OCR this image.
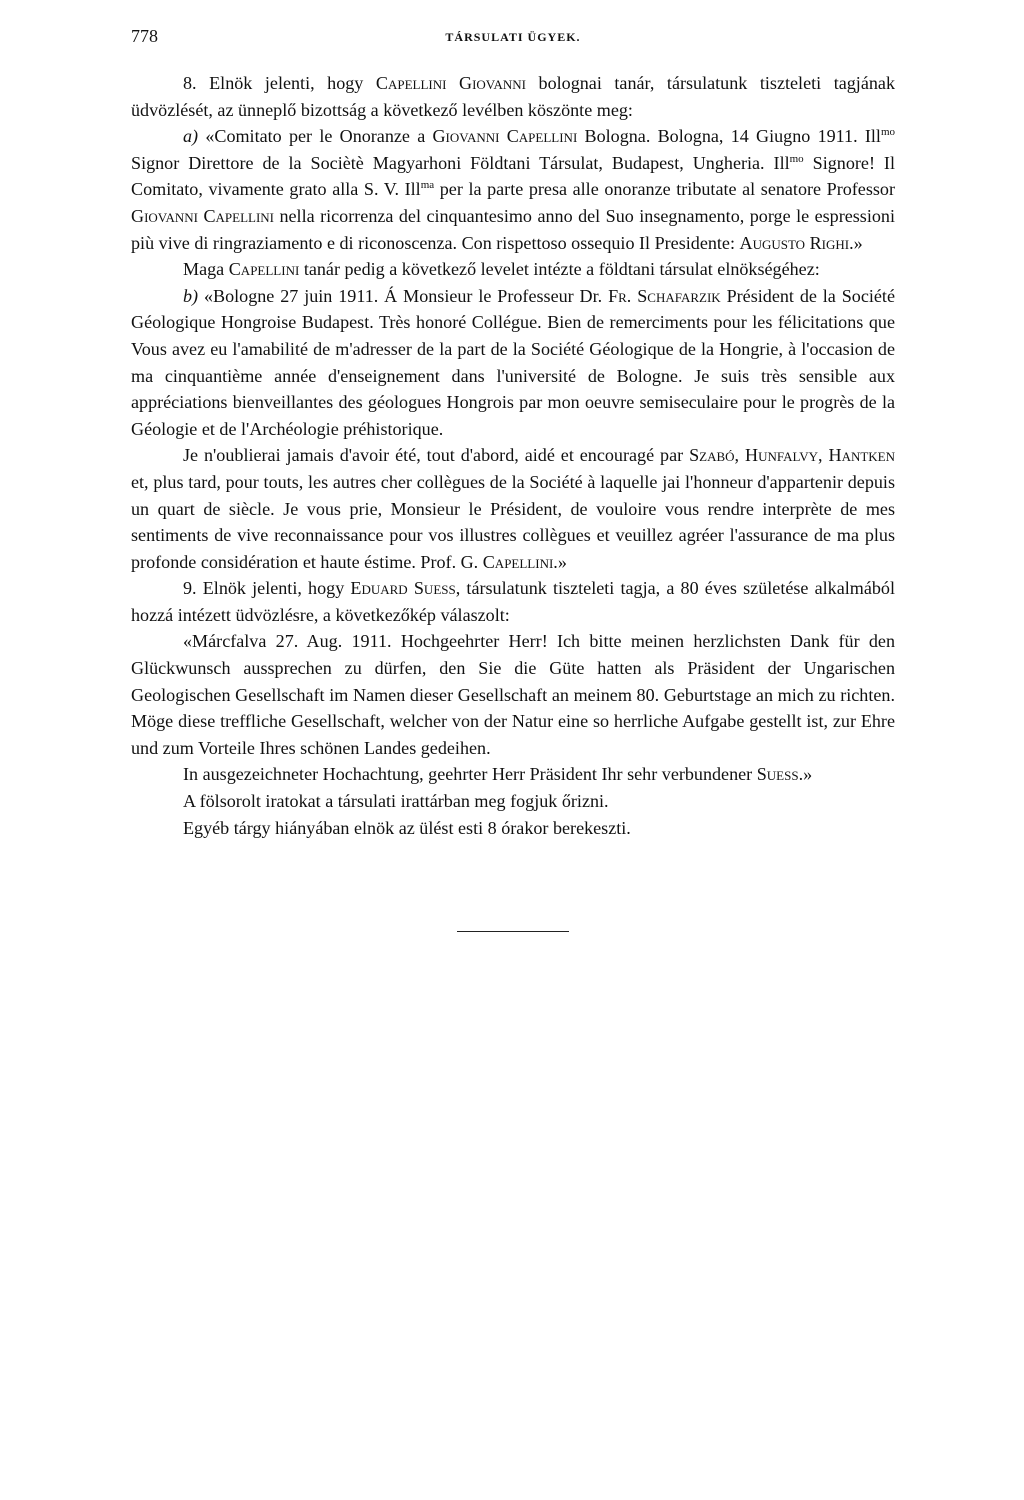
778	TÁRSULATI ÜGYEK.

8. Elnök jelenti, hogy Capellini Giovanni bolognai tanár, társulatunk tiszteleti tagjának üdvözlését, az ünneplő bizottság a következő levélben köszönte meg:

a) «Comitato per le Onoranze a Giovanni Capellini Bologna. Bologna, 14 Giugno 1911. Ill$^{mo}$ Signor Direttore de la Sociètè Magyarhoni Földtani Társulat, Budapest, Ungheria. Ill$^{mo}$ Signore! Il Comitato, vivamente grato alla S. V. Ill$^{ma}$ per la parte presa alle onoranze tributate al senatore Professor Giovanni Capellini nella ricorrenza del cinquantesimo anno del Suo insegnamento, porge le espressioni più vive di ringraziamento e di riconoscenza. Con rispettoso ossequio Il Presidente: Augusto Righi.»

Maga Capellini tanár pedig a következő levelet intézte a földtani társulat elnökségéhez:

b) «Bologne 27 juin 1911. Á Monsieur le Professeur Dr. Fr. Schafarzik Président de la Société Géologique Hongroise Budapest. Très honoré Collégue. Bien de remerciments pour les félicitations que Vous avez eu l'amabilité de m'adresser de la part de la Société Géologique de la Hongrie, à l'occasion de ma cinquantième année d'enseignement dans l'université de Bologne. Je suis très sensible aux appréciations bienveillantes des géologues Hongrois par mon oeuvre semiseculaire pour le progrès de la Géologie et de l'Archéologie préhistorique.

Je n'oublierai jamais d'avoir été, tout d'abord, aidé et encouragé par Szabó, Hunfalvy, Hantken et, plus tard, pour touts, les autres cher collègues de la Société à laquelle jai l'honneur d'appartenir depuis un quart de siècle. Je vous prie, Monsieur le Président, de vouloire vous rendre interprète de mes sentiments de vive reconnaissance pour vos illustres collègues et veuillez agréer l'assurance de ma plus profonde considération et haute éstime. Prof. G. Capellini.»

9. Elnök jelenti, hogy Eduard Suess, társulatunk tiszteleti tagja, a 80 éves születése alkalmából hozzá intézett üdvözlésre, a következőkép válaszolt:

«Márcfalva 27. Aug. 1911. Hochgeehrter Herr! Ich bitte meinen herzlichsten Dank für den Glückwunsch aussprechen zu dürfen, den Sie die Güte hatten als Präsident der Ungarischen Geologischen Gesellschaft im Namen dieser Gesellschaft an meinem 80. Geburtstage an mich zu richten. Möge diese treffliche Gesellschaft, welcher von der Natur eine so herrliche Aufgabe gestellt ist, zur Ehre und zum Vorteile Ihres schönen Landes gedeihen.

In ausgezeichneter Hochachtung, geehrter Herr Präsident Ihr sehr verbundener Suess.»

A fölsorolt iratokat a társulati irattárban meg fogjuk őrizni.

Egyéb tárgy hiányában elnök az ülést esti 8 órakor berekeszti.
